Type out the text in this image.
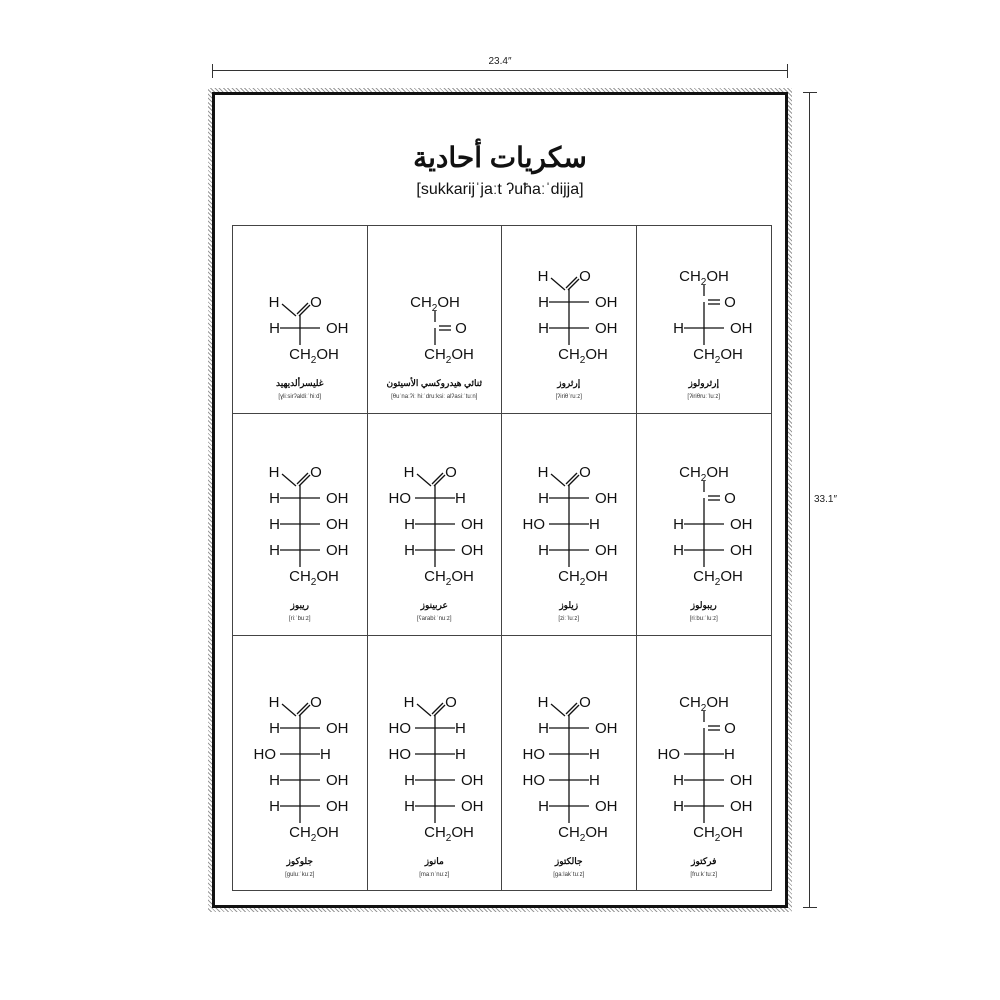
23.4″
33.1″
سكريات أحادية
[sukkarijˈjaːt ʔuħaːˈdijja]
H O
H	OH
$CH_2OH$
غليسرألديهيد
[ɣliːsirʔaldiːˈhiːd]
$CH_2OH$
O
$CH_2OH$
ثنائي هيدروكسي الأسيتون
[θuˈnaːʔiː hiːˈdruːksiː alʔasiːˈtuːn]
H O
H	OH
H	OH
$CH_2OH$
إرثروز
[ʔiriθˈruːz]
$CH_2OH$
O
H	OH
$CH_2OH$
إرثرولوز
[ʔiriθruːˈluːz]
H O
H	OH
H	OH
H	OH
$CH_2OH$
ريبوز
[riːˈbuːz]
H O
HO	H
H	OH
H	OH
$CH_2OH$
عربينوز
[ʕarabiːˈnuːz]
H O
H	OH
HO	H
H	OH
$CH_2OH$
زيلوز
[ziːˈluːz]
$CH_2OH$
O
H	OH
H	OH
$CH_2OH$
ريبولوز
[riːbuːˈluːz]
H O
H	OH
HO	H
H	OH
H	OH
$CH_2OH$
جلوكوز
[guluːˈkuːz]
H O
HO	H
HO	H
H	OH
H	OH
$CH_2OH$
مانوز
[maːnˈnuːz]
H O
H	OH
HO	H
HO	H
H	OH
$CH_2OH$
جالكتوز
[gaːlakˈtuːz]
$CH_2OH$
O
HO	H
H	OH
H	OH
$CH_2OH$
فركتوز
[fruːkˈtuːz]
